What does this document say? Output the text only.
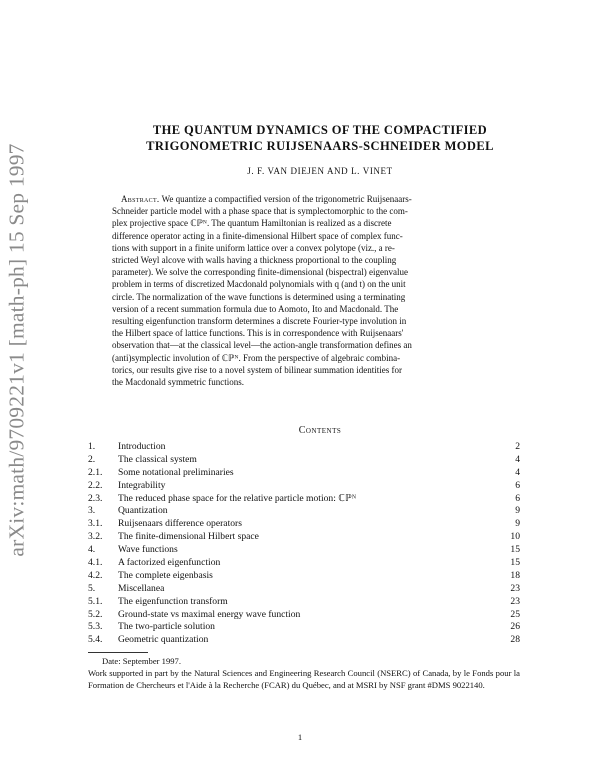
arXiv:math/9709221v1 [math-ph] 15 Sep 1997
THE QUANTUM DYNAMICS OF THE COMPACTIFIED
TRIGONOMETRIC RUIJSENAARS-SCHNEIDER MODEL
J. F. VAN DIEJEN AND L. VINET
 Abstract. We quantize a compactified version of the trigonometric Ruijsenaars-
Schneider particle model with a phase space that is symplectomorphic to the com-
plex projective space ℂℙᴺ. The quantum Hamiltonian is realized as a discrete
difference operator acting in a finite-dimensional Hilbert space of complex func-
tions with support in a finite uniform lattice over a convex polytope (viz., a re-
stricted Weyl alcove with walls having a thickness proportional to the coupling
parameter). We solve the corresponding finite-dimensional (bispectral) eigenvalue
problem in terms of discretized Macdonald polynomials with q (and t) on the unit
circle. The normalization of the wave functions is determined using a terminating
version of a recent summation formula due to Aomoto, Ito and Macdonald. The
resulting eigenfunction transform determines a discrete Fourier-type involution in
the Hilbert space of lattice functions. This is in correspondence with Ruijsenaars'
observation that—at the classical level—the action-angle transformation defines an
(anti)symplectic involution of ℂℙᴺ. From the perspective of algebraic combina-
torics, our results give rise to a novel system of bilinear summation identities for
the Macdonald symmetric functions.
Contents
1. Introduction	2
2. The classical system	4
2.1. Some notational preliminaries	4
2.2. Integrability	6
2.3. The reduced phase space for the relative particle motion: ℂℙᴺ	6
3. Quantization	9
3.1. Ruijsenaars difference operators	9
3.2. The finite-dimensional Hilbert space	10
4. Wave functions	15
4.1. A factorized eigenfunction	15
4.2. The complete eigenbasis	18
5. Miscellanea	23
5.1. The eigenfunction transform	23
5.2. Ground-state vs maximal energy wave function	25
5.3. The two-particle solution	26
5.4. Geometric quantization	28
Date: September 1997.
Work supported in part by the Natural Sciences and Engineering Research Council (NSERC) of Canada, by le Fonds pour la Formation de Chercheurs et l'Aide à la Recherche (FCAR) du Québec, and at MSRI by NSF grant #DMS 9022140.
1
